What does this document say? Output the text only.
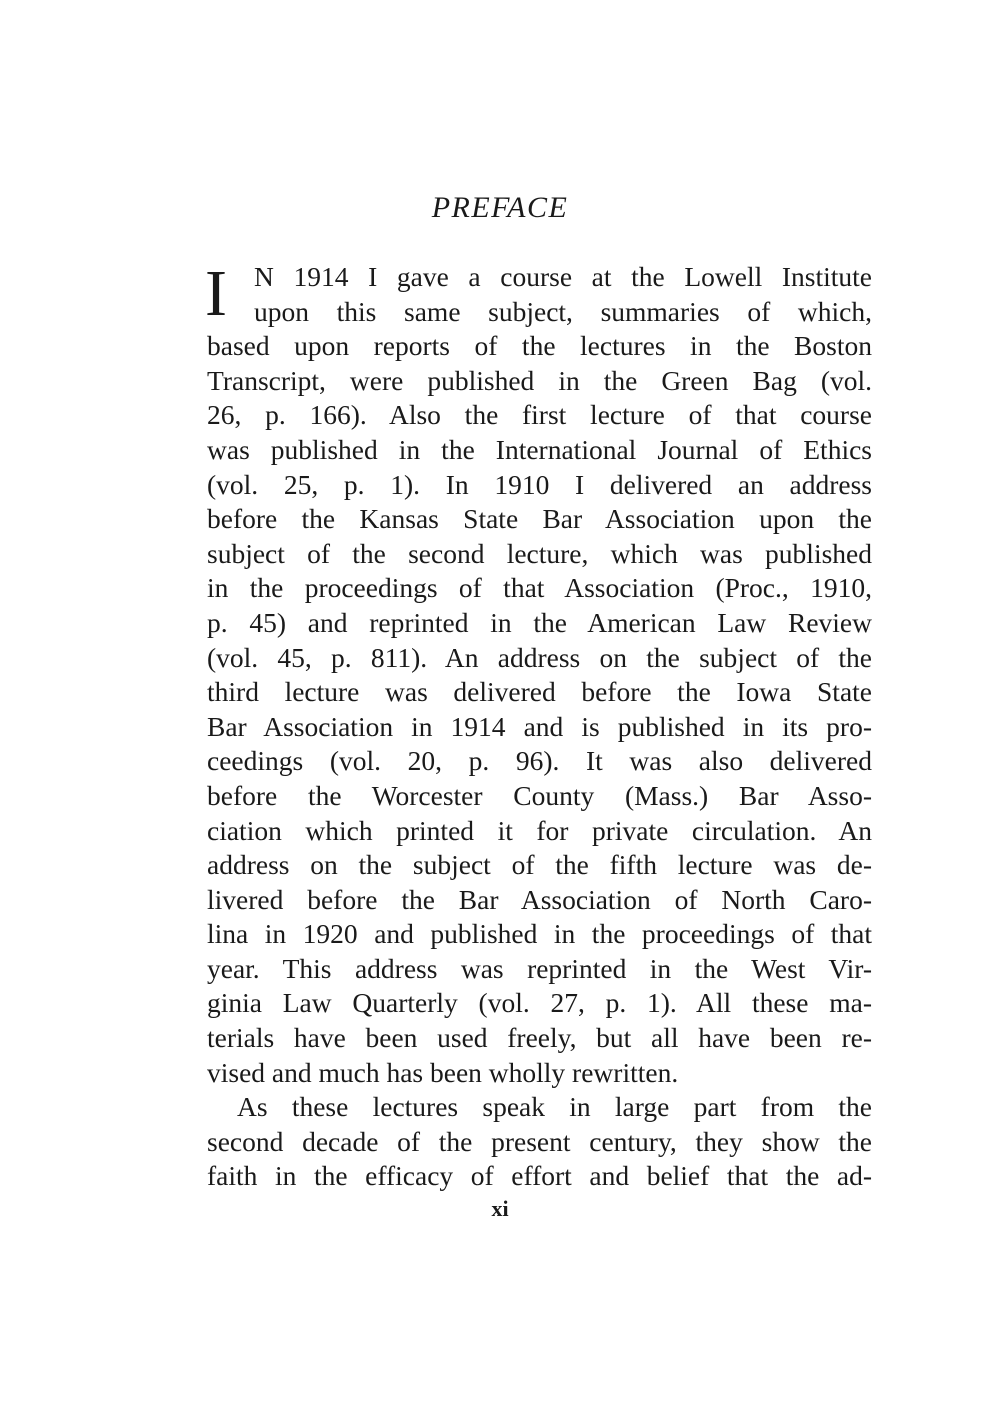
PREFACE
I N 1914 I gave a course at the Lowell Institute
upon this same subject, summaries of which,
based upon reports of the lectures in the Boston
Transcript, were published in the Green Bag (vol.
26, p. 166). Also the first lecture of that course
was published in the International Journal of Ethics
(vol. 25, p. 1). In 1910 I delivered an address
before the Kansas State Bar Association upon the
subject of the second lecture, which was published
in the proceedings of that Association (Proc., 1910,
p. 45) and reprinted in the American Law Review
(vol. 45, p. 811). An address on the subject of the
third lecture was delivered before the Iowa State
Bar Association in 1914 and is published in its pro-
ceedings (vol. 20, p. 96). It was also delivered
before the Worcester County (Mass.) Bar Asso-
ciation which printed it for private circulation. An
address on the subject of the fifth lecture was de-
livered before the Bar Association of North Caro-
lina in 1920 and published in the proceedings of that
year. This address was reprinted in the West Vir-
ginia Law Quarterly (vol. 27, p. 1). All these ma-
terials have been used freely, but all have been re-
vised and much has been wholly rewritten.
As these lectures speak in large part from the
second decade of the present century, they show the
faith in the efficacy of effort and belief that the ad-
xi
